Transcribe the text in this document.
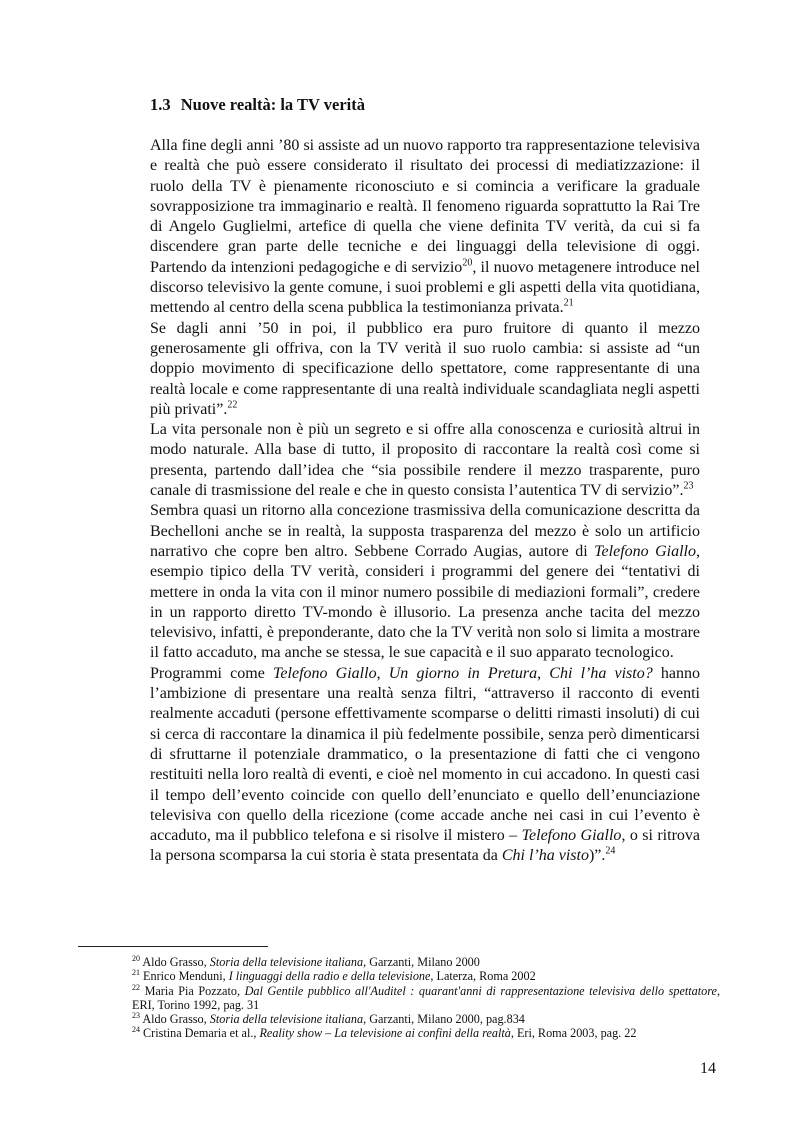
1.3 Nuove realtà: la TV verità

Alla fine degli anni ’80 si assiste ad un nuovo rapporto tra rappresentazione televisiva e realtà che può essere considerato il risultato dei processi di mediatizzazione: il ruolo della TV è pienamente riconosciuto e si comincia a verificare la graduale sovrapposizione tra immaginario e realtà. Il fenomeno riguarda soprattutto la Rai Tre di Angelo Guglielmi, artefice di quella che viene definita TV verità, da cui si fa discendere gran parte delle tecniche e dei linguaggi della televisione di oggi. Partendo da intenzioni pedagogiche e di servizio$^{20}$, il nuovo metagenere introduce nel discorso televisivo la gente comune, i suoi problemi e gli aspetti della vita quotidiana, mettendo al centro della scena pubblica la testimonianza privata.$^{21}$

Se dagli anni ’50 in poi, il pubblico era puro fruitore di quanto il mezzo generosamente gli offriva, con la TV verità il suo ruolo cambia: si assiste ad “un doppio movimento di specificazione dello spettatore, come rappresentante di una realtà locale e come rappresentante di una realtà individuale scandagliata negli aspetti più privati”.$^{22}$

La vita personale non è più un segreto e si offre alla conoscenza e curiosità altrui in modo naturale. Alla base di tutto, il proposito di raccontare la realtà così come si presenta, partendo dall’idea che “sia possibile rendere il mezzo trasparente, puro canale di trasmissione del reale e che in questo consista l’autentica TV di servizio”.$^{23}$

Sembra quasi un ritorno alla concezione trasmissiva della comunicazione descritta da Bechelloni anche se in realtà, la supposta trasparenza del mezzo è solo un artificio narrativo che copre ben altro. Sebbene Corrado Augias, autore di Telefono Giallo, esempio tipico della TV verità, consideri i programmi del genere dei “tentativi di mettere in onda la vita con il minor numero possibile di mediazioni formali”, credere in un rapporto diretto TV-mondo è illusorio. La presenza anche tacita del mezzo televisivo, infatti, è preponderante, dato che la TV verità non solo si limita a mostrare il fatto accaduto, ma anche se stessa, le sue capacità e il suo apparato tecnologico.

Programmi come Telefono Giallo, Un giorno in Pretura, Chi l’ha visto? hanno l’ambizione di presentare una realtà senza filtri, “attraverso il racconto di eventi realmente accaduti (persone effettivamente scomparse o delitti rimasti insoluti) di cui si cerca di raccontare la dinamica il più fedelmente possibile, senza però dimenticarsi di sfruttarne il potenziale drammatico, o la presentazione di fatti che ci vengono restituiti nella loro realtà di eventi, e cioè nel momento in cui accadono. In questi casi il tempo dell’evento coincide con quello dell’enunciato e quello dell’enunciazione televisiva con quello della ricezione (come accade anche nei casi in cui l’evento è accaduto, ma il pubblico telefona e si risolve il mistero – Telefono Giallo, o si ritrova la persona scomparsa la cui storia è stata presentata da Chi l’ha visto)”.$^{24}$

$^{20}$ Aldo Grasso, Storia della televisione italiana, Garzanti, Milano 2000

$^{21}$ Enrico Menduni, I linguaggi della radio e della televisione, Laterza, Roma 2002

$^{22}$ Maria Pia Pozzato, Dal Gentile pubblico all'Auditel : quarant'anni di rappresentazione televisiva dello spettatore, ERI, Torino 1992, pag. 31

$^{23}$ Aldo Grasso, Storia della televisione italiana, Garzanti, Milano 2000, pag.834

$^{24}$ Cristina Demaria et al., Reality show – La televisione ai confini della realtà, Eri, Roma 2003, pag. 22

14
